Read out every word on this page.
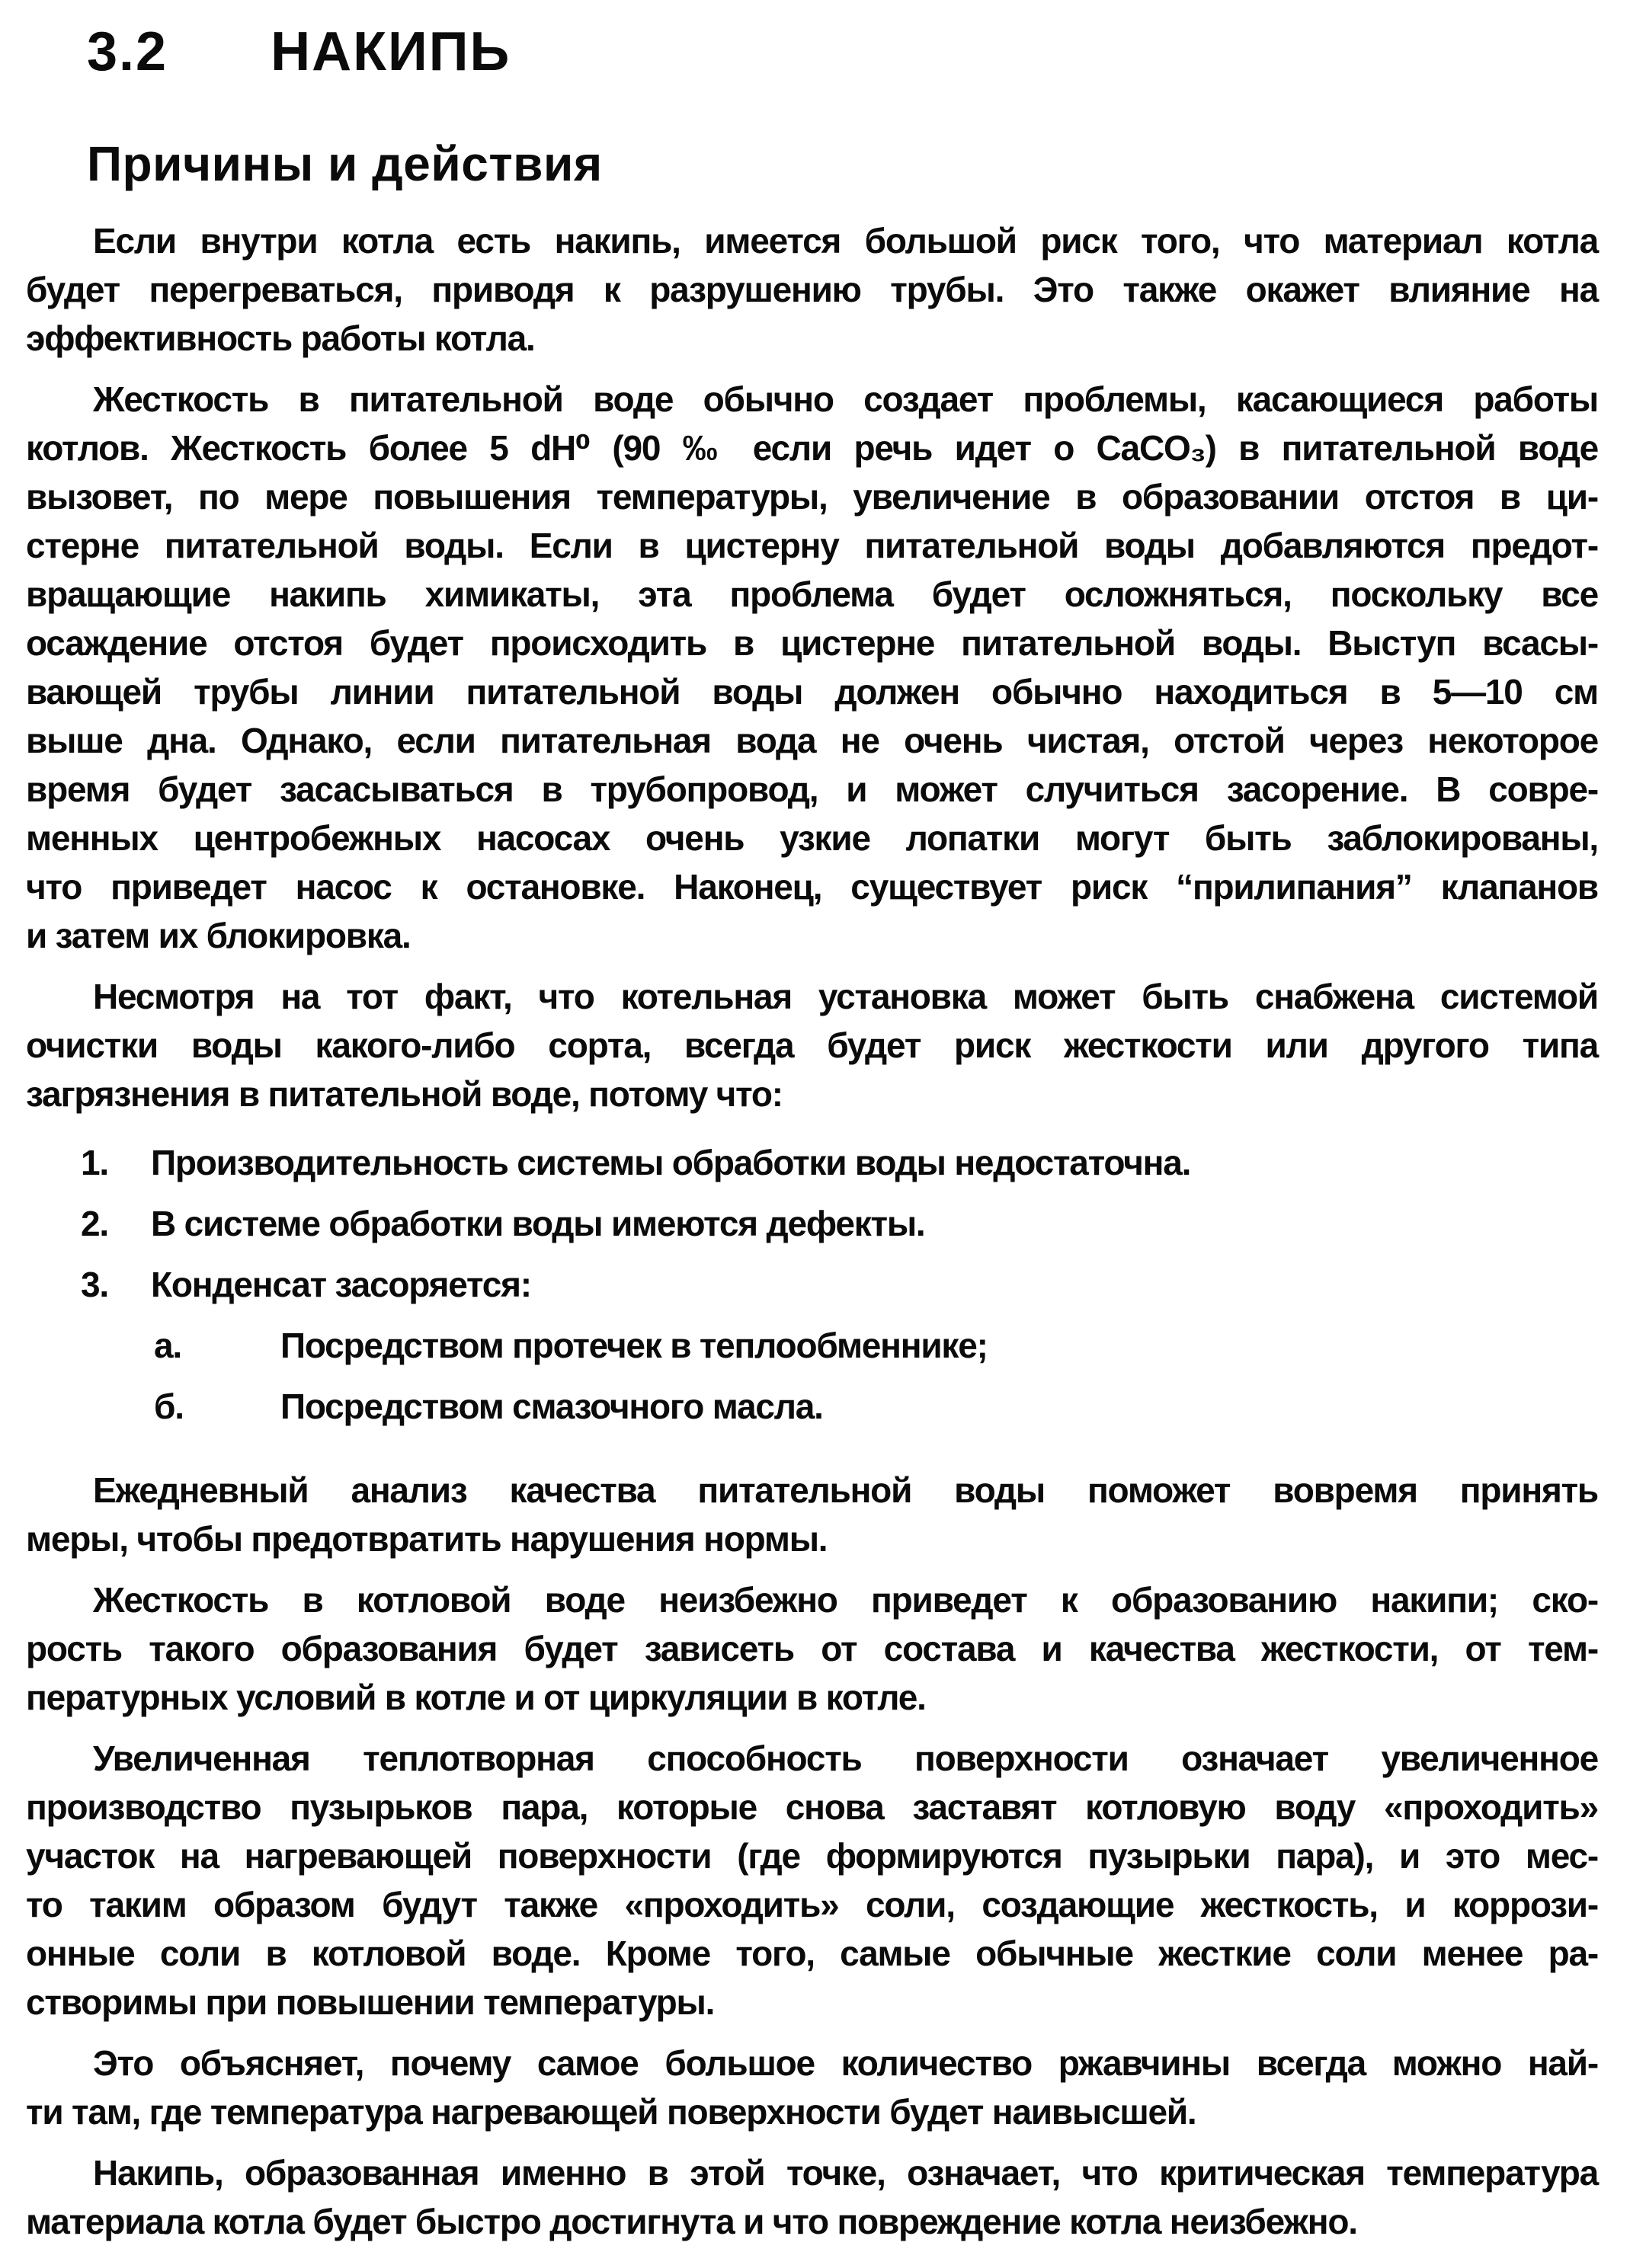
3.2 НАКИПЬ
Причины и действия
Если внутри котла есть накипь, имеется большой риск того, что материал котла
будет перегреваться, приводя к разрушению трубы. Это также окажет влияние на
эффективность работы котла.
Жесткость в питательной воде обычно создает проблемы, касающиеся работы
котлов. Жесткость более 5 dH⁰ (90 ‰ если речь идет о CaCO₃) в питательной воде
вызовет, по мере повышения температуры, увеличение в образовании отстоя в ци-
стерне питательной воды. Если в цистерну питательной воды добавляются предот-
вращающие накипь химикаты, эта проблема будет осложняться, поскольку все
осаждение отстоя будет происходить в цистерне питательной воды. Выступ всасы-
вающей трубы линии питательной воды должен обычно находиться в 5—10 см
выше дна. Однако, если питательная вода не очень чистая, отстой через некоторое
время будет засасываться в трубопровод, и может случиться засорение. В совре-
менных центробежных насосах очень узкие лопатки могут быть заблокированы,
что приведет насос к остановке. Наконец, существует риск “прилипания” клапанов
и затем их блокировка.
Несмотря на тот факт, что котельная установка может быть снабжена системой
очистки воды какого-либо сорта, всегда будет риск жесткости или другого типа
загрязнения в питательной воде, потому что:
1.	Производительность системы обработки воды недостаточна.
2.	В системе обработки воды имеются дефекты.
3.	Конденсат засоряется:
а.	Посредством протечек в теплообменнике;
б.	Посредством смазочного масла.
Ежедневный анализ качества питательной воды поможет вовремя принять
меры, чтобы предотвратить нарушения нормы.
Жесткость в котловой воде неизбежно приведет к образованию накипи; ско-
рость такого образования будет зависеть от состава и качества жесткости, от тем-
пературных условий в котле и от циркуляции в котле.
Увеличенная теплотворная способность поверхности означает увеличенное
производство пузырьков пара, которые снова заставят котловую воду «проходить»
участок на нагревающей поверхности (где формируются пузырьки пара), и это мес-
то таким образом будут также «проходить» соли, создающие жесткость, и коррози-
онные соли в котловой воде. Кроме того, самые обычные жесткие соли менее ра-
створимы при повышении температуры.
Это объясняет, почему самое большое количество ржавчины всегда можно най-
ти там, где температура нагревающей поверхности будет наивысшей.
Накипь, образованная именно в этой точке, означает, что критическая температура
материала котла будет быстро достигнута и что повреждение котла неизбежно.
